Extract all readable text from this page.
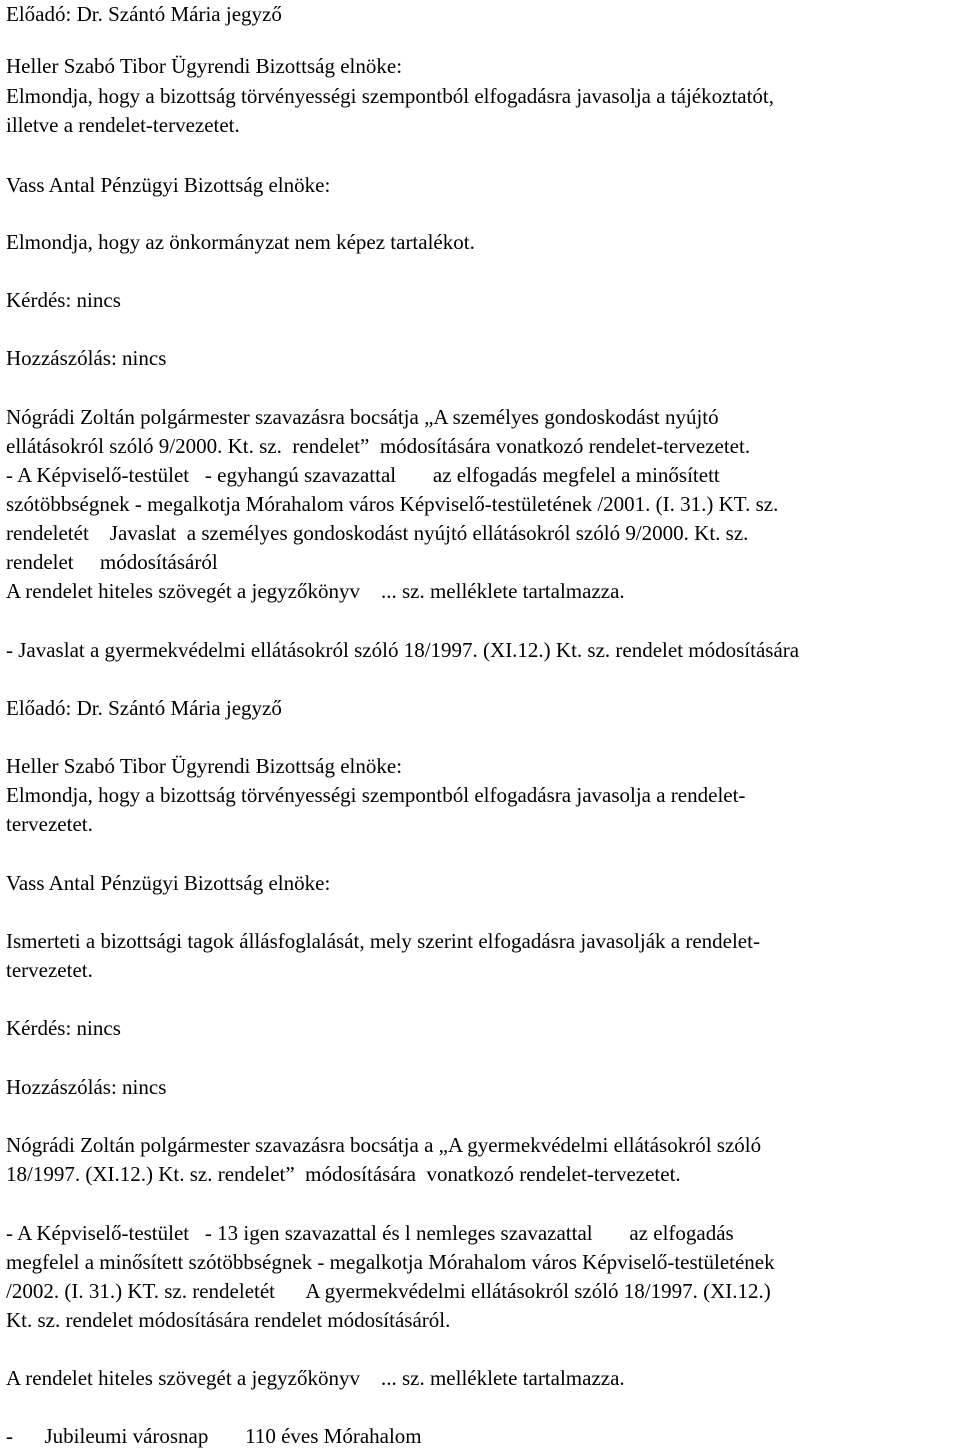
Előadó: Dr. Szántó Mária jegyző

Heller Szabó Tibor Ügyrendi Bizottság elnöke:

Elmondja, hogy a bizottság törvényességi szempontból elfogadásra javasolja a tájékoztatót,

illetve a rendelet-tervezetet.

Vass Antal Pénzügyi Bizottság elnöke:

Elmondja, hogy az önkormányzat nem képez tartalékot.

Kérdés: nincs

Hozzászólás: nincs

Nógrádi Zoltán polgármester szavazásra bocsátja „A személyes gondoskodást nyújtó

ellátásokról szóló 9/2000. Kt. sz.  rendelet”  módosítására vonatkozó rendelet-tervezetet.

- A Képviselő-testület   - egyhangú szavazattal       az elfogadás megfelel a minősített

szótöbbségnek - megalkotja Mórahalom város Képviselő-testületének /2001. (I. 31.) KT. sz.

rendeletét    Javaslat  a személyes gondoskodást nyújtó ellátásokról szóló 9/2000. Kt. sz.

rendelet     módosításáról

A rendelet hiteles szövegét a jegyzőkönyv    ... sz. melléklete tartalmazza.

- Javaslat a gyermekvédelmi ellátásokról szóló 18/1997. (XI.12.) Kt. sz. rendelet módosítására

Előadó: Dr. Szántó Mária jegyző

Heller Szabó Tibor Ügyrendi Bizottság elnöke:

Elmondja, hogy a bizottság törvényességi szempontból elfogadásra javasolja a rendelet-

tervezetet.

Vass Antal Pénzügyi Bizottság elnöke:

Ismerteti a bizottsági tagok állásfoglalását, mely szerint elfogadásra javasolják a rendelet-

tervezetet.

Kérdés: nincs

Hozzászólás: nincs

Nógrádi Zoltán polgármester szavazásra bocsátja a „A gyermekvédelmi ellátásokról szóló

18/1997. (XI.12.) Kt. sz. rendelet”  módosítására  vonatkozó rendelet-tervezetet.

- A Képviselő-testület   - 13 igen szavazattal és l nemleges szavazattal       az elfogadás

megfelel a minősített szótöbbségnek - megalkotja Mórahalom város Képviselő-testületének

/2002. (I. 31.) KT. sz. rendeletét      A gyermekvédelmi ellátásokról szóló 18/1997. (XI.12.)

Kt. sz. rendelet módosítására rendelet módosításáról.

A rendelet hiteles szövegét a jegyzőkönyv    ... sz. melléklete tartalmazza.

-      Jubileumi városnap       110 éves Mórahalom
